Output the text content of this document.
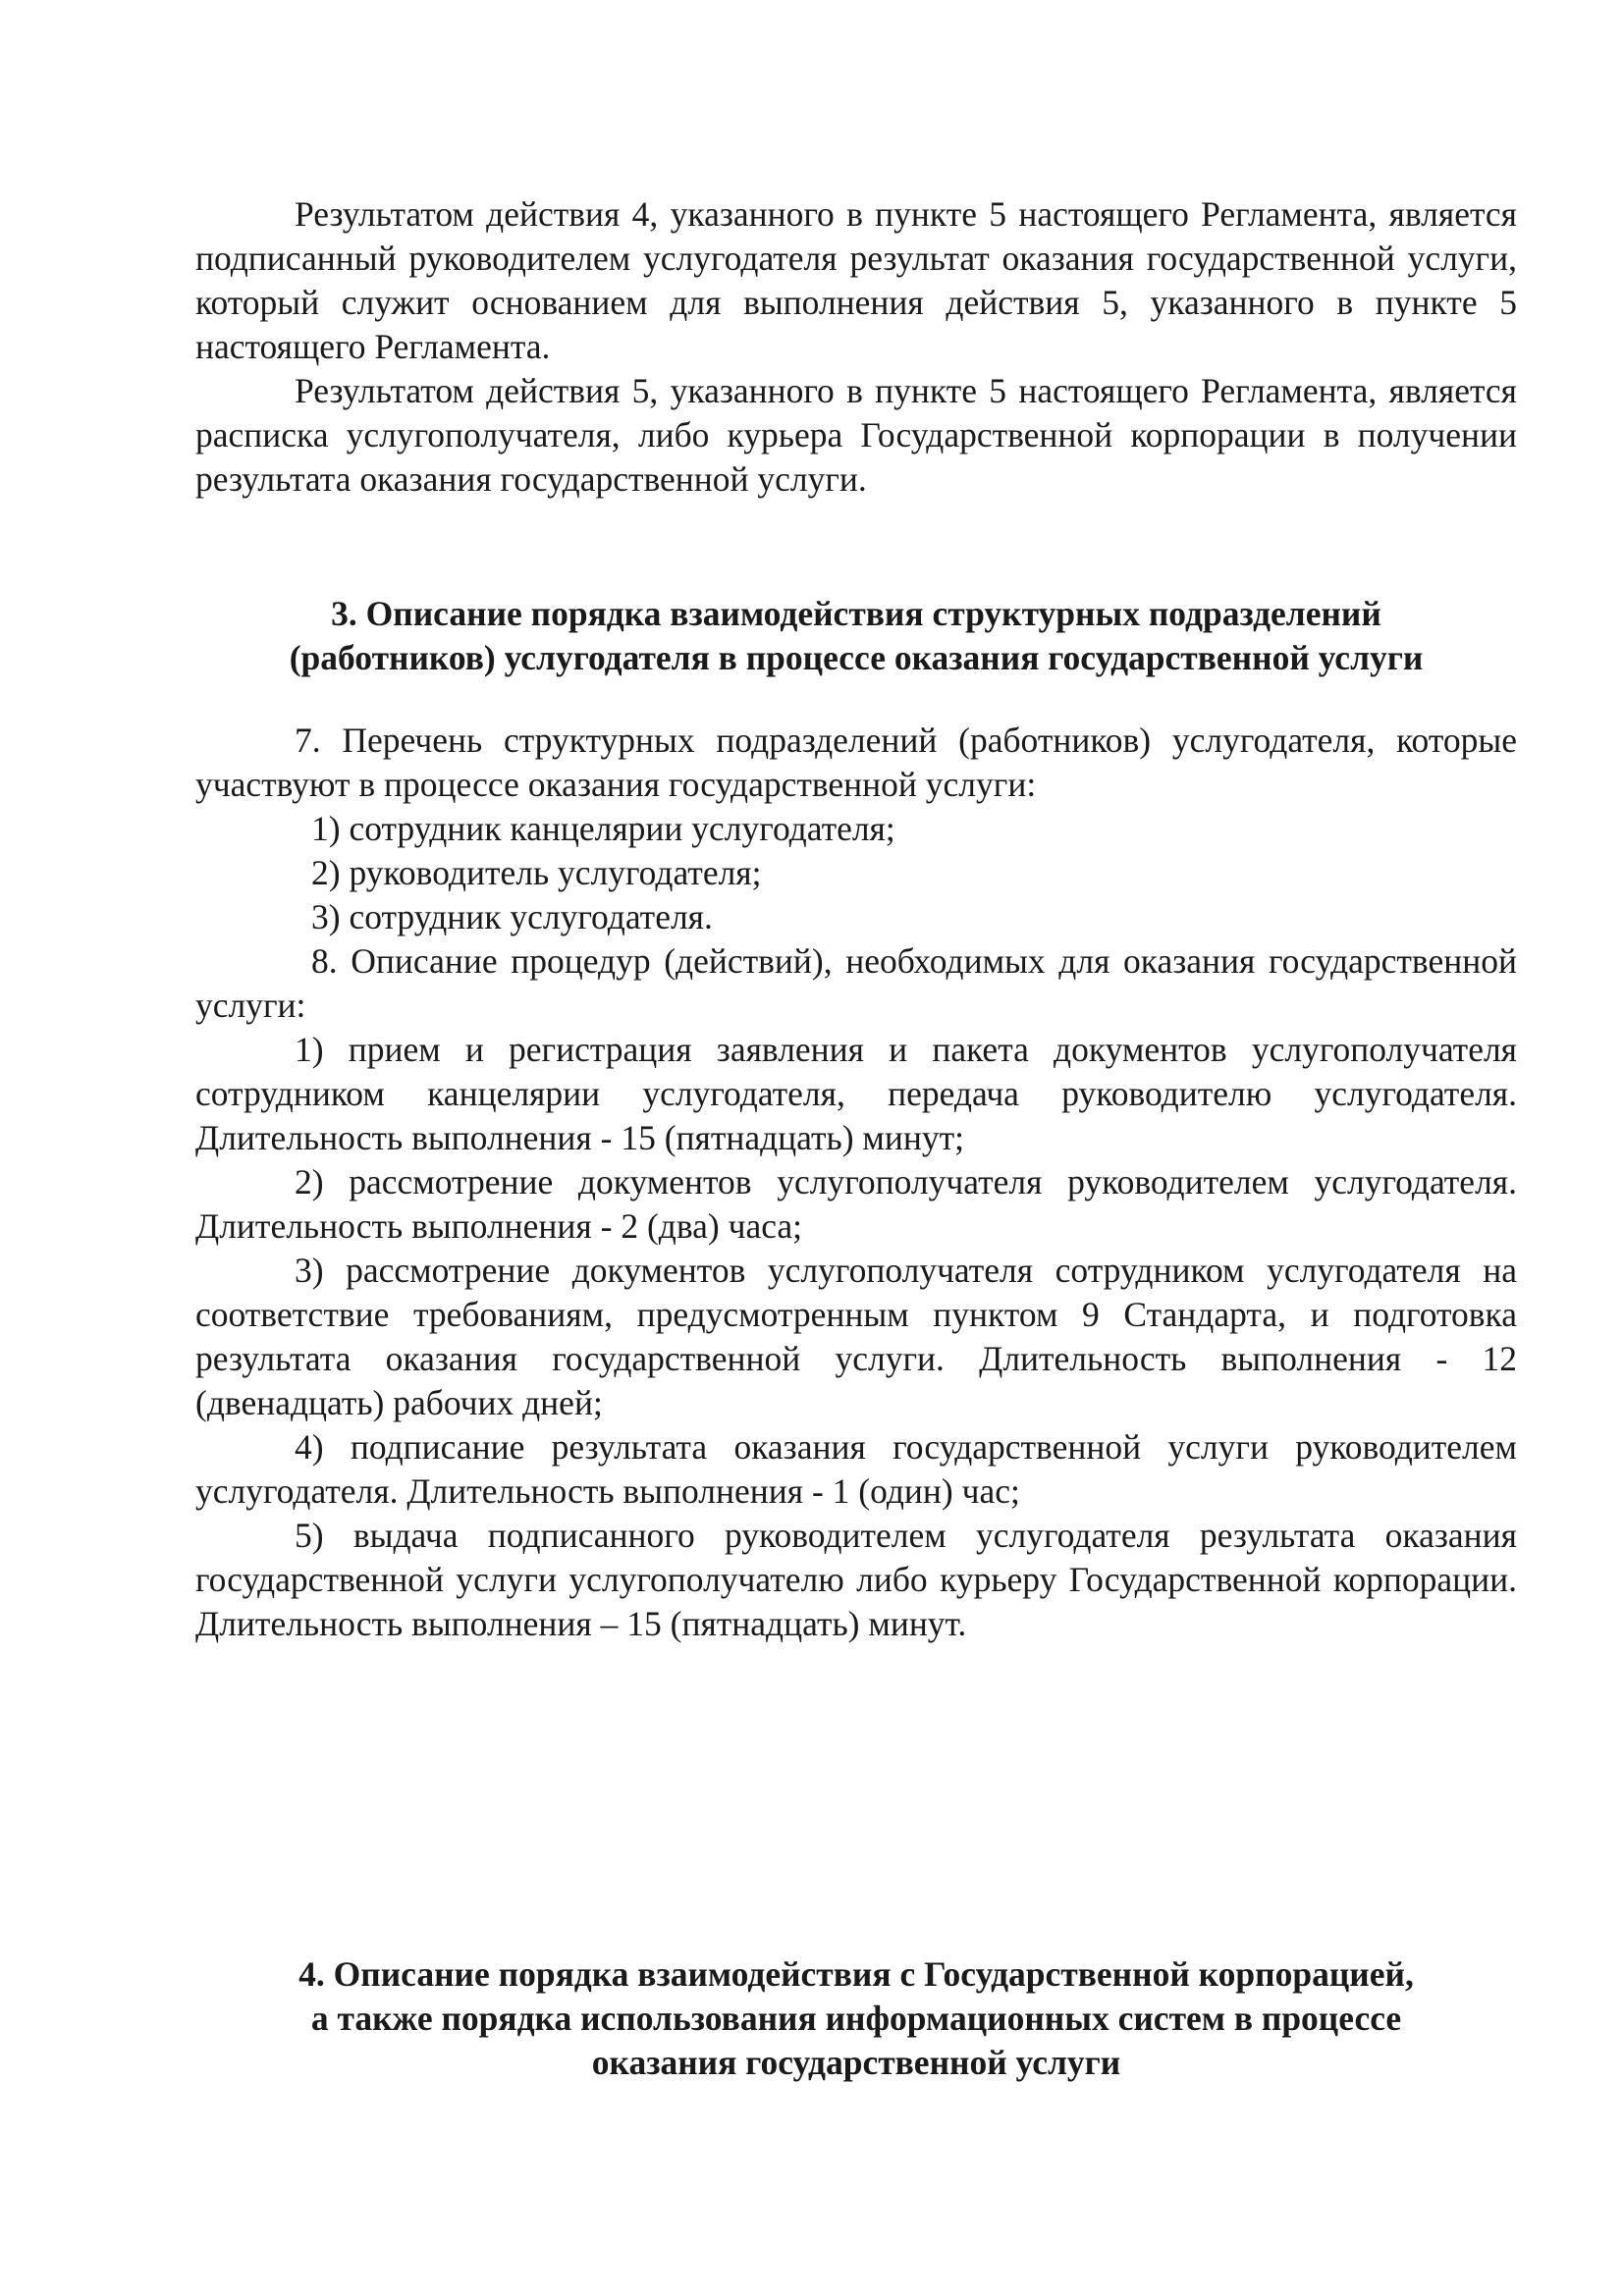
Результатом действия 4, указанного в пункте 5 настоящего Регламента, является подписанный руководителем услугодателя результат оказания государственной услуги, который служит основанием для выполнения действия 5, указанного в пункте 5 настоящего Регламента.

Результатом действия 5, указанного в пункте 5 настоящего Регламента, является расписка услугополучателя, либо курьера Государственной корпорации в получении результата оказания государственной услуги.

3. Описание порядка взаимодействия структурных подразделений
(работников) услугодателя в процессе оказания государственной услуги

7. Перечень структурных подразделений (работников) услугодателя, которые участвуют в процессе оказания государственной услуги:

1) сотрудник канцелярии услугодателя;

2) руководитель услугодателя;

3) сотрудник услугодателя.

8. Описание процедур (действий), необходимых для оказания государственной услуги:

1) прием и регистрация заявления и пакета документов услугополучателя сотрудником канцелярии услугодателя, передача руководителю услугодателя. Длительность выполнения - 15 (пятнадцать) минут;

2) рассмотрение документов услугополучателя руководителем услугодателя. Длительность выполнения - 2 (два) часа;

3) рассмотрение документов услугополучателя сотрудником услугодателя на соответствие требованиям, предусмотренным пунктом 9 Стандарта, и подготовка результата оказания государственной услуги. Длительность выполнения - 12 (двенадцать) рабочих дней;

4) подписание результата оказания государственной услуги руководителем услугодателя. Длительность выполнения - 1 (один) час;

5) выдача подписанного руководителем услугодателя результата оказания государственной услуги услугополучателю либо курьеру Государственной корпорации. Длительность выполнения – 15 (пятнадцать) минут.

4. Описание порядка взаимодействия с Государственной корпорацией,
а также порядка использования информационных систем в процессе
оказания государственной услуги
